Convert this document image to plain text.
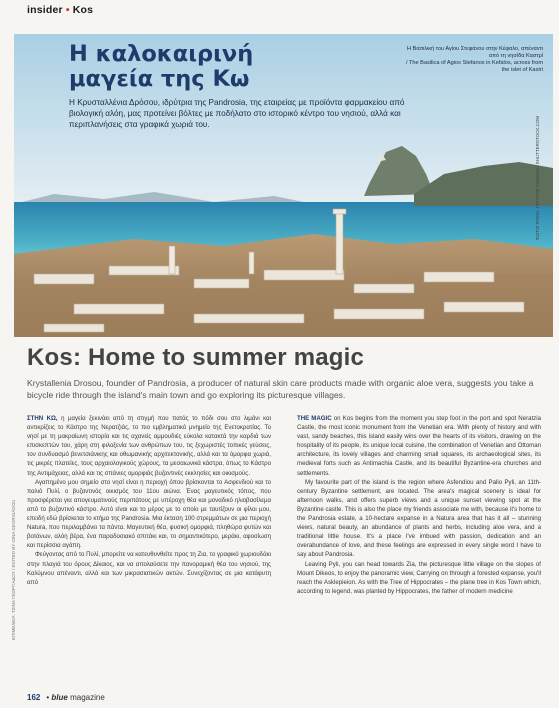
insider • Kos
Η καλοκαιρινή μαγεία της Κω
Η Κρυσταλλένια Δρόσου, ιδρύτρια της Pandrosia, της εταιρείας με προϊόντα φαρμακείου από βιολογική αλόη, μας προτείνει βόλτες με ποδήλατο στο ιστορικό κέντρο του νησιού, αλλά και περιπλανήσεις στα γραφικά χωριά του.
Η Βασιλική του Αγίου Στεφάνου στην Κέφαλο, απέναντι από τη νησίδα Καστρί
/ The Basilica of Agios Stefanos in Kefalos, across from the islet of Kastri
ΦΩΤΟΓΡΑΦΙΑ: ΣΤΑΥΡΟΣ ΧΑΛΚΙΑΣ / SHUTTERSTOCK.COM
Kos: Home to summer magic
Krystallenia Drosou, founder of Pandrosia, a producer of natural skin care products made with organic aloe vera, suggests you take a bicycle ride through the island's main town and go exploring its picturesque villages.

ΣΤΗΝ ΚΩ, η μαγεία ξεκινάει από τη στιγμή που πατάς το πόδι σου στο λιμάνι και αντικρίζεις το Κάστρο της Νερατζιάς, το πιο εμβληματικό μνημείο της Ενετοκρατίας. Το νησί με τη μακραίωνη ιστορία και τις αχανείς αμμουδιές εύκολα κατακτά την καρδιά των επισκεπτών του, χάρη στη φιλοξενία των ανθρώπων του, τις ξεχωριστές τοπικές γεύσεις, τον συνδυασμό βενετσιάνικης και οθωμανικής αρχιτεκτονικής, αλλά και τα όμορφα χωριά, τις μικρές πλατείες, τους αρχαιολογικούς χώρους, τα μεσαιωνικά κάστρα, όπως το Κάστρο της Αντιμάχειας, αλλά και τις σπάνιες ομορφιάς βυζαντινές εκκλησίες και οικισμούς.

Αγαπημένο μου σημείο στο νησί είναι η περιοχή όπου βρίσκονται το Ασφενδιού και το παλιό Πυλί, ο βυζαντινός οικισμός του 11ου αιώνα. Ένας μαγευτικός τόπος, που προσφέρεται για απογευματινούς περιπάτους με υπέροχη θέα και μοναδικό ηλιοβασίλεμα από το βυζαντινό κάστρο. Αυτό είναι και το μέρος με το οποίο με ταυτίζουν οι φίλοι μου, επειδή εδώ βρίσκεται το κτήμα της Pandrosia. Μια έκταση 100 στρεμμάτων σε μια περιοχή Natura, που περιλαμβάνει τα πάντα. Μαγευτική θέα, φυσική ομορφιά, πληθώρα φυτών και βοτάνων, αλόη βέρα, ένα παραδοσιακό σπιτάκι και, το σημαντικότερο, μεράκι, αφοσίωση και περίσσια αγάπη.

Φεύγοντας από το Πυλί, μπορείτε να κατευθυνθείτε προς τη Ζια, το γραφικό χωριουδάκι στην πλαγιά του όρους Δίκαιος, και να απολαύσετε την πανοραμική θέα του νησιού, της Καλύμνου απέναντι, αλλά και των μικρασιατικών ακτών. Συνεχίζοντας σε μια κατάφυτη από

THE MAGIC on Kos begins from the moment you step foot in the port and spot Neratzia Castle, the most iconic monument from the Venetian era. With plenty of history and with vast, sandy beaches, this island easily wins over the hearts of its visitors, drawing on the hospitality of its people, its unique local cuisine, the combination of Venetian and Ottoman architecture, its lovely villages and charming small squares, its archaeological sites, its medieval forts such as Antimachia Castle, and its beautiful Byzantine-era churches and settlements.

My favourite part of the island is the region where Asfendiou and Palio Pyli, an 11th-century Byzantine settlement, are located. The area's magical scenery is ideal for afternoon walks, and offers superb views and a unique sunset viewing spot at the Byzantine castle. This is also the place my friends associate me with, because it's home to the Pandrosia estate, a 10-hectare expanse in a Natura area that has it all – stunning views, natural beauty, an abundance of plants and herbs, including aloe vera, and a traditional little house. It's a place I've imbued with passion, dedication and an overabundance of love, and these feelings are expressed in every single word I have to say about Pandrosia.

Leaving Pyli, you can head towards Zia, the picturesque little village on the slopes of Mount Dikeos, to enjoy the panoramic view, Carrying on through a forested expanse, you'll reach the Asklepieion. As with the Tree of Hippocrates – the plane tree in Kos Town which, according to legend, was planted by Hippocrates, the father of modern medicine

ΕΠΙΜΕΛΕΙΑ: ΤΖΙΝΑ ΓΕΩΡΓΙΑΔΟΥ / EDITED BY GINA GEORGIADOU
162 • blue magazine
